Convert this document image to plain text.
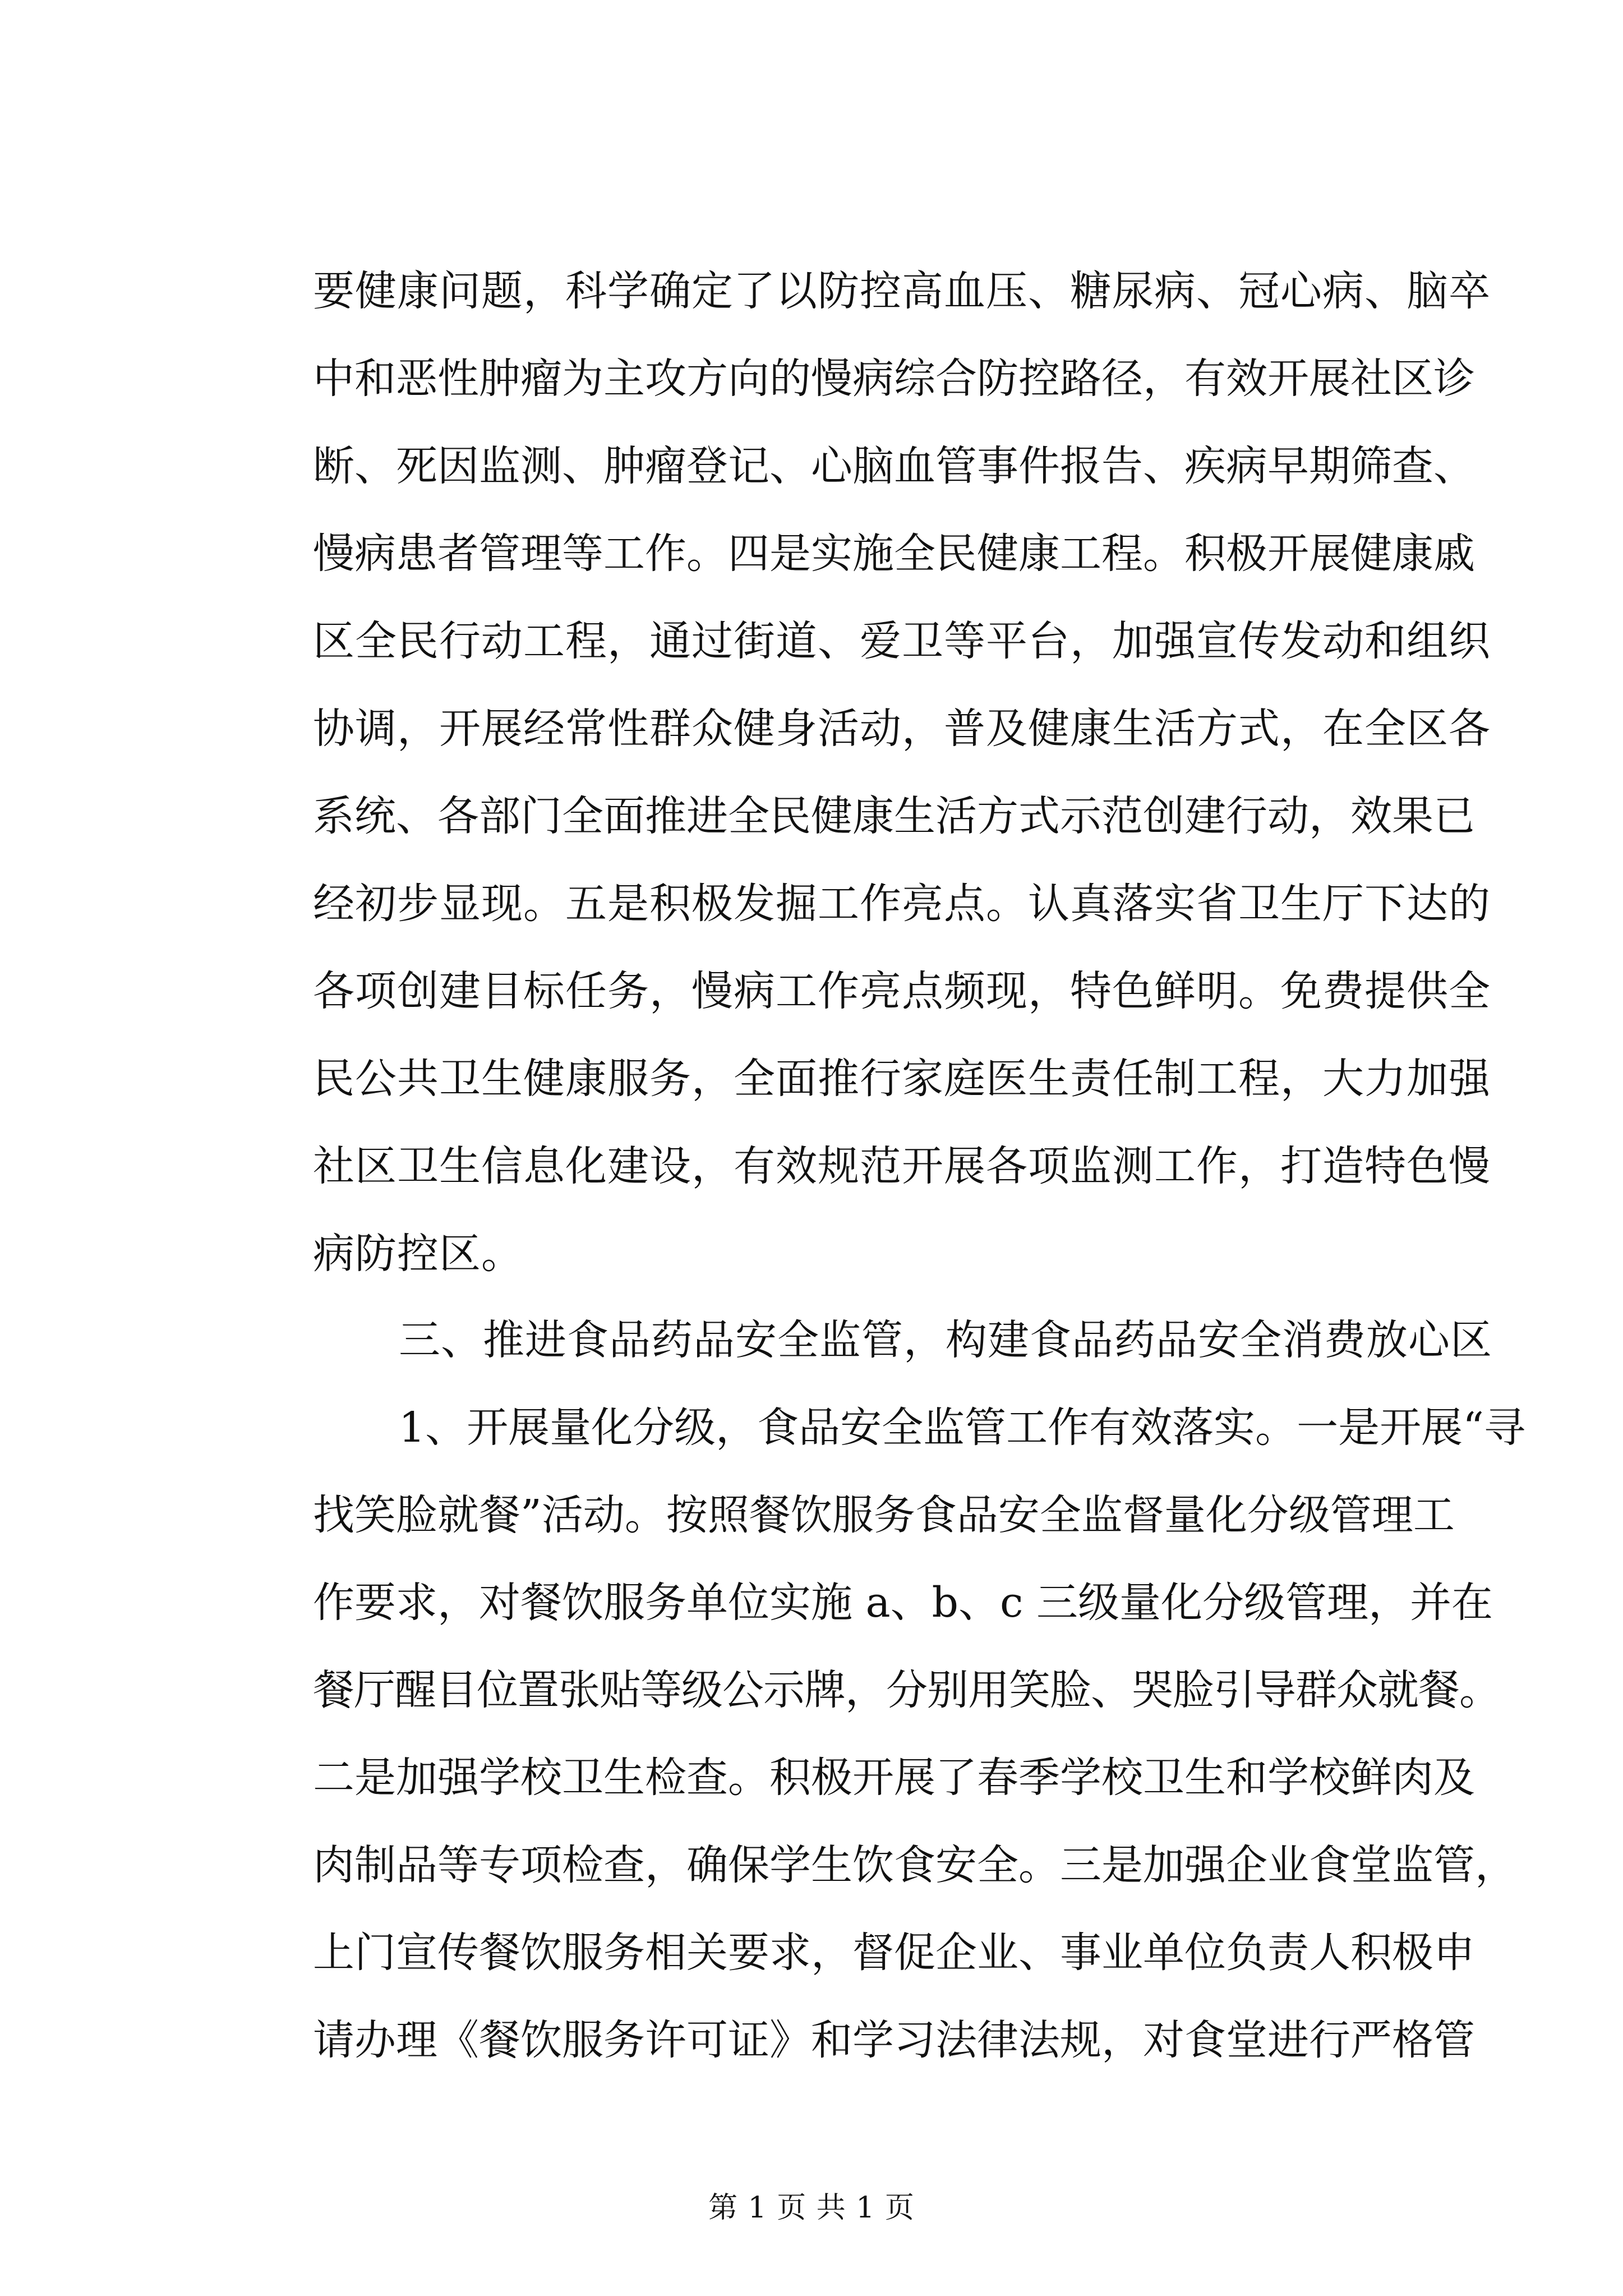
要健康问题，科学确定了以防控高血压、糖尿病、冠心病、脑卒
中和恶性肿瘤为主攻方向的慢病综合防控路径，有效开展社区诊
断、死因监测、肿瘤登记、心脑血管事件报告、疾病早期筛查、
慢病患者管理等工作。四是实施全民健康工程。积极开展健康戚
区全民行动工程，通过街道、爱卫等平台，加强宣传发动和组织
协调，开展经常性群众健身活动，普及健康生活方式，在全区各
系统、各部门全面推进全民健康生活方式示范创建行动，效果已
经初步显现。五是积极发掘工作亮点。认真落实省卫生厅下达的
各项创建目标任务，慢病工作亮点频现，特色鲜明。免费提供全
民公共卫生健康服务，全面推行家庭医生责任制工程，大力加强
社区卫生信息化建设，有效规范开展各项监测工作，打造特色慢
病防控区。
三、推进食品药品安全监管，构建食品药品安全消费放心区
1、开展量化分级，食品安全监管工作有效落实。一是开展“寻
找笑脸就餐”活动。按照餐饮服务食品安全监督量化分级管理工
作要求，对餐饮服务单位实施 a、b、c 三级量化分级管理，并在
餐厅醒目位置张贴等级公示牌，分别用笑脸、哭脸引导群众就餐。
二是加强学校卫生检查。积极开展了春季学校卫生和学校鲜肉及
肉制品等专项检查，确保学生饮食安全。三是加强企业食堂监管，
上门宣传餐饮服务相关要求，督促企业、事业单位负责人积极申
请办理《餐饮服务许可证》和学习法律法规，对食堂进行严格管
第 1 页 共 1 页
